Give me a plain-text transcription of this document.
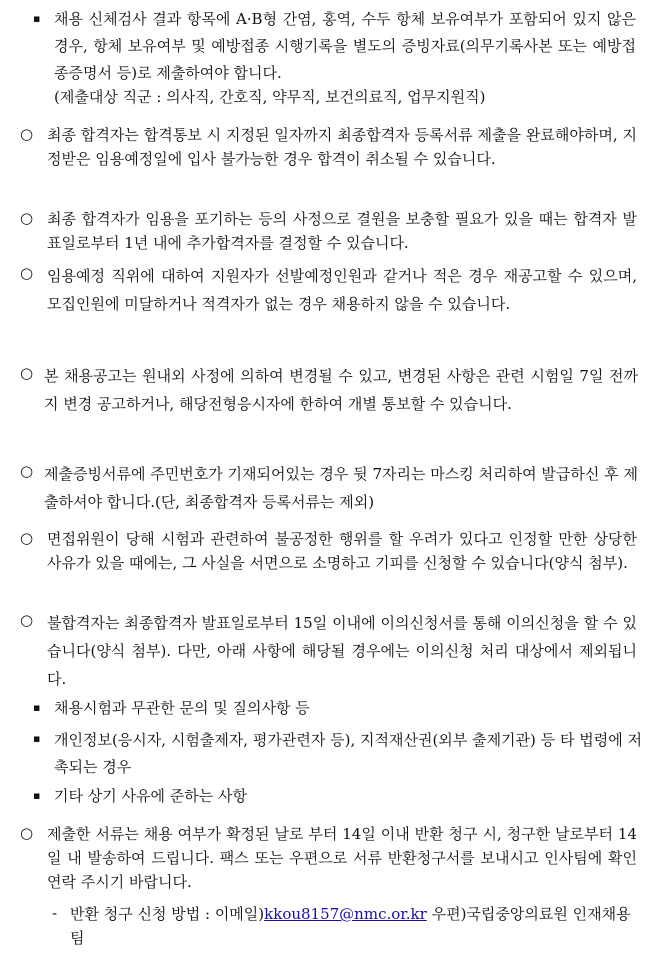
▪ 채용 신체검사 결과 항목에 A·B형 간염, 홍역, 수두 항체 보유여부가 포함되어 있지 않은 경우, 항체 보유여부 및 예방접종 시행기록을 별도의 증빙자료(의무기록사본 또는 예방접종증명서 등)로 제출하여야 합니다.
(제출대상 직군 : 의사직, 간호직, 약무직, 보건의료직, 업무지원직)
○ 최종 합격자는 합격통보 시 지정된 일자까지 최종합격자 등록서류 제출을 완료해야하며, 지정받은 임용예정일에 입사 불가능한 경우 합격이 취소될 수 있습니다.
○ 최종 합격자가 임용을 포기하는 등의 사정으로 결원을 보충할 필요가 있을 때는 합격자 발표일로부터 1년 내에 추가합격자를 결정할 수 있습니다.
○ 임용예정 직위에 대하여 지원자가 선발예정인원과 같거나 적은 경우 재공고할 수 있으며, 모집인원에 미달하거나 적격자가 없는 경우 채용하지 않을 수 있습니다.
○ 본 채용공고는 원내외 사정에 의하여 변경될 수 있고, 변경된 사항은 관련 시험일 7일 전까지 변경 공고하거나, 해당전형응시자에 한하여 개별 통보할 수 있습니다.
○ 제출증빙서류에 주민번호가 기재되어있는 경우 뒷 7자리는 마스킹 처리하여 발급하신 후 제출하셔야 합니다.(단, 최종합격자 등록서류는 제외)
○ 면접위원이 당해 시험과 관련하여 불공정한 행위를 할 우려가 있다고 인정할 만한 상당한 사유가 있을 때에는, 그 사실을 서면으로 소명하고 기피를 신청할 수 있습니다(양식 첨부).
○ 불합격자는 최종합격자 발표일로부터 15일 이내에 이의신청서를 통해 이의신청을 할 수 있습니다(양식 첨부). 다만, 아래 사항에 해당될 경우에는 이의신청 처리 대상에서 제외됩니다.
▪ 채용시험과 무관한 문의 및 질의사항 등
▪ 개인정보(응시자, 시험출제자, 평가관련자 등), 지적재산권(외부 출제기관) 등 타 법령에 저촉되는 경우
▪ 기타 상기 사유에 준하는 사항
○ 제출한 서류는 채용 여부가 확정된 날로 부터 14일 이내 반환 청구 시, 청구한 날로부터 14일 내 발송하여 드립니다. 팩스 또는 우편으로 서류 반환청구서를 보내시고 인사팀에 확인 연락 주시기 바랍니다.
- 반환 청구 신청 방법 : 이메일)kkou8157@nmc.or.kr 우편)국립중앙의료원 인재채용팀
